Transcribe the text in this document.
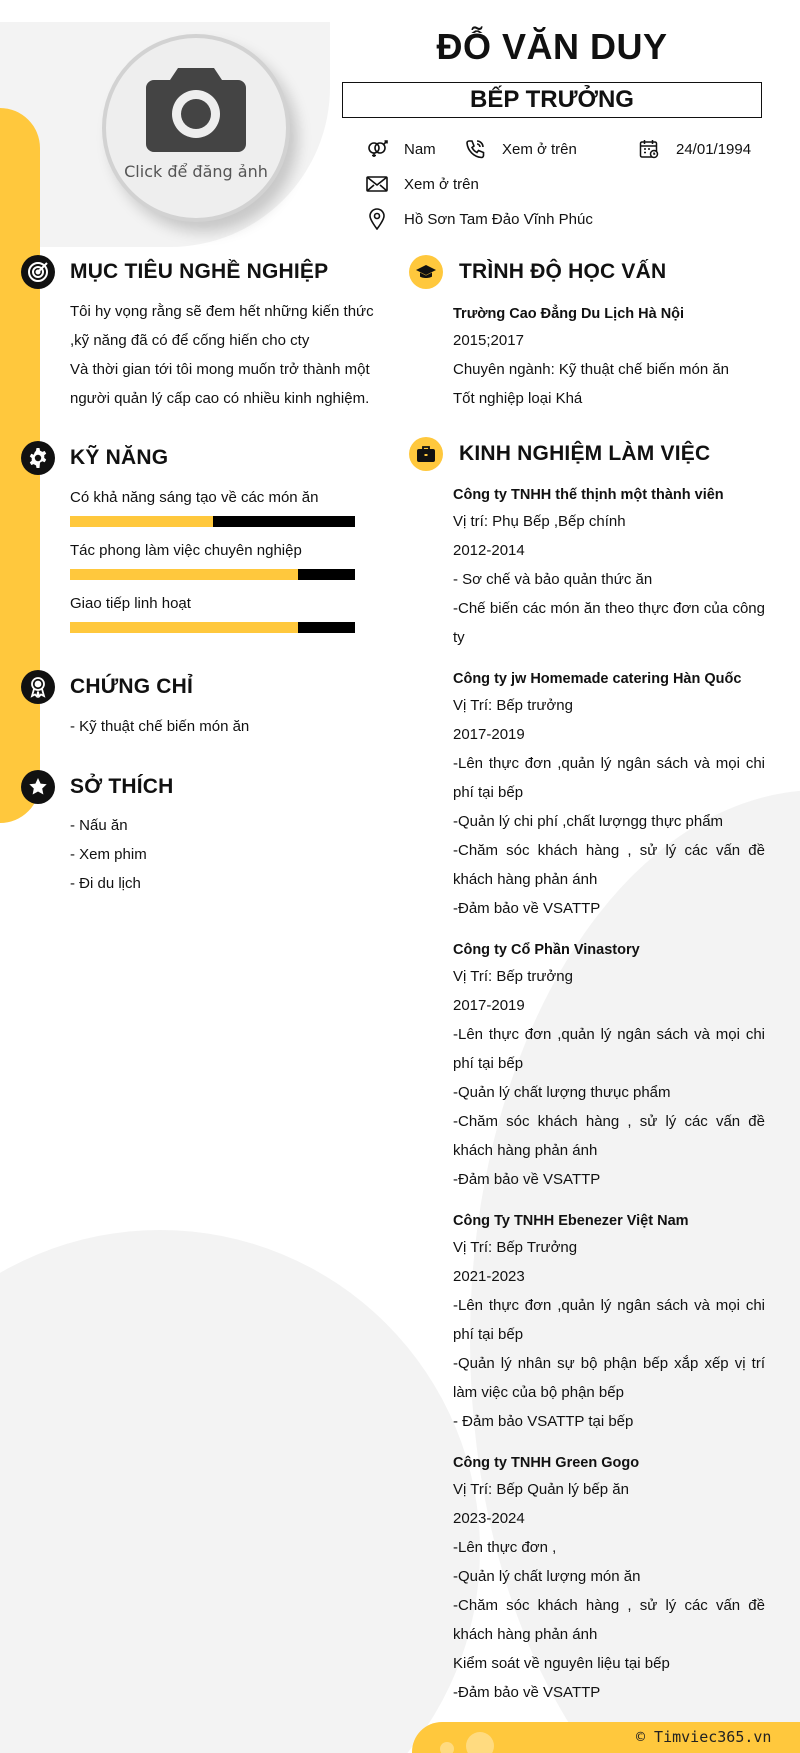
Click để đăng ảnh
ĐỖ VĂN DUY
BẾP TRƯỞNG
Nam	Xem ở trên	24/01/1994
Xem ở trên
Hồ Sơn Tam Đảo Vĩnh Phúc
MỤC TIÊU NGHỀ NGHIỆP
Tôi hy vọng rằng sẽ đem hết những kiến thức
,kỹ năng đã có để cống hiến cho cty
Và thời gian tới tôi mong muốn trở thành một
người quản lý cấp cao có nhiều kinh nghiệm.
KỸ NĂNG
Có khả năng sáng tạo về các món ăn
Tác phong làm việc chuyên nghiệp
Giao tiếp linh hoạt
CHỨNG CHỈ
- Kỹ thuật chế biến món ăn
SỞ THÍCH
- Nấu ăn
- Xem phim
- Đi du lịch
TRÌNH ĐỘ HỌC VẤN
Trường Cao Đẳng Du Lịch Hà Nội
2015;2017
Chuyên ngành: Kỹ thuật chế biến món ăn
Tốt nghiệp loại Khá
KINH NGHIỆM LÀM VIỆC
Công ty TNHH thế thịnh một thành viên
Vị trí: Phụ Bếp ,Bếp chính
2012-2014
- Sơ chế và bảo quản thức ăn
-Chế biến các món ăn theo thực đơn của công ty
Công ty jw Homemade catering Hàn Quốc
Vị Trí: Bếp trưởng
2017-2019
-Lên thực đơn ,quản lý ngân sách và mọi chi phí tại bếp
-Quản lý chi phí ,chất lượngg thực phẩm
-Chăm sóc khách hàng , sử lý các vấn đề khách hàng phản ánh
-Đảm bảo về VSATTP
Công ty Cổ Phần Vinastory
Vị Trí: Bếp trưởng
2017-2019
-Lên thực đơn ,quản lý ngân sách và mọi chi phí tại bếp
-Quản lý chất lượng thưục phẩm
-Chăm sóc khách hàng , sử lý các vấn đề khách hàng phản ánh
-Đảm bảo về VSATTP
Công Ty TNHH Ebenezer Việt Nam
Vị Trí: Bếp Trưởng
2021-2023
-Lên thực đơn ,quản lý ngân sách và mọi chi phí tại bếp
-Quản lý nhân sự bộ phận bếp xắp xếp vị trí làm việc của bộ phận bếp
- Đảm bảo VSATTP tại bếp
Công ty TNHH Green Gogo
Vị Trí: Bếp Quản lý bếp ăn
2023-2024
-Lên thực đơn ,
-Quản lý chất lượng món ăn
-Chăm sóc khách hàng , sử lý các vấn đề khách hàng phản ánh
Kiểm soát về nguyên liệu tại bếp
-Đảm bảo về VSATTP
© Timviec365.vn
